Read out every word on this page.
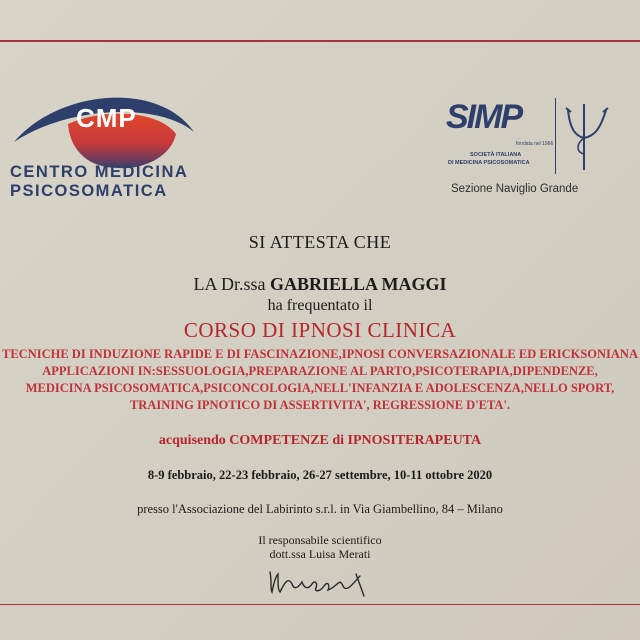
CMP
CENTRO MEDICINA
PSICOSOMATICA
SIMP
fondata nel 1966
SOCIETÀ ITALIANA
DI MEDICINA PSICOSOMATICA
Sezione Naviglio Grande
SI ATTESTA CHE
LA Dr.ssa GABRIELLA MAGGI
ha frequentato il
CORSO DI IPNOSI CLINICA
TECNICHE DI INDUZIONE RAPIDE E DI FASCINAZIONE,IPNOSI CONVERSAZIONALE ED ERICKSONIANA
APPLICAZIONI IN:SESSUOLOGIA,PREPARAZIONE AL PARTO,PSICOTERAPIA,DIPENDENZE,
MEDICINA PSICOSOMATICA,PSICONCOLOGIA,NELL'INFANZIA E ADOLESCENZA,NELLO SPORT,
TRAINING IPNOTICO DI ASSERTIVITA', REGRESSIONE D'ETA'.
acquisendo COMPETENZE di IPNOSITERAPEUTA
8-9 febbraio, 22-23 febbraio, 26-27 settembre, 10-11 ottobre 2020
presso l'Associazione del Labirinto s.r.l. in Via Giambellino, 84 – Milano
Il responsabile scientifico
dott.ssa Luisa Merati
